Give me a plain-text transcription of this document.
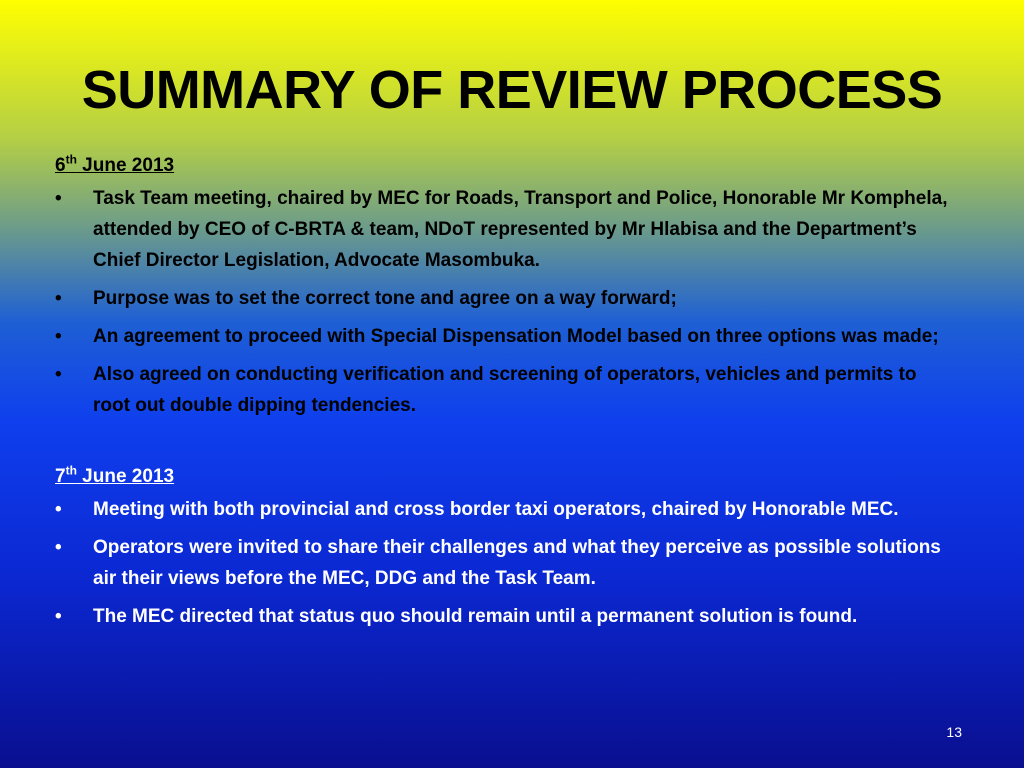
SUMMARY OF REVIEW PROCESS

6th June 2013

• Task Team meeting, chaired by MEC for Roads, Transport and Police, Honorable Mr Komphela, attended by CEO of C-BRTA & team, NDoT represented by Mr Hlabisa and the Department’s Chief Director Legislation, Advocate Masombuka.
• Purpose was to set the correct tone and agree on a way forward;
• An agreement to proceed with Special Dispensation Model based on three options was made;
• Also agreed on conducting verification and screening of operators, vehicles and permits to root out double dipping tendencies.

7th June 2013

• Meeting with both provincial and cross border taxi operators, chaired by Honorable MEC.
• Operators were invited to share their challenges and what they perceive as possible solutions air their views before the MEC, DDG and the Task Team.
• The MEC directed that status quo should remain until a permanent solution is found.
13
